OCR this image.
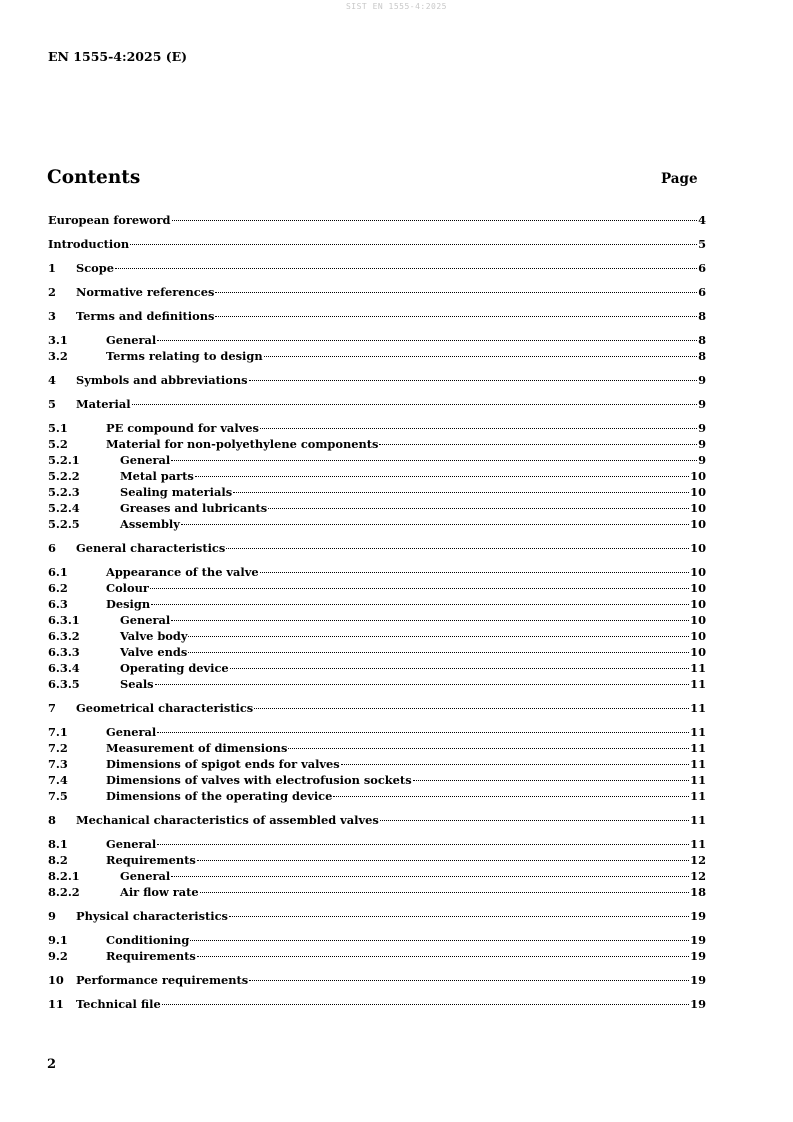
SIST EN 1555-4:2025
EN 1555-4:2025 (E)
Contents	Page
European foreword	4
Introduction	5
1	Scope	6
2	Normative references	6
3	Terms and definitions	8
3.1	General	8
3.2	Terms relating to design	8
4	Symbols and abbreviations	9
5	Material	9
5.1	PE compound for valves	9
5.2	Material for non-polyethylene components	9
5.2.1	General	9
5.2.2	Metal parts	10
5.2.3	Sealing materials	10
5.2.4	Greases and lubricants	10
5.2.5	Assembly	10
6	General characteristics	10
6.1	Appearance of the valve	10
6.2	Colour	10
6.3	Design	10
6.3.1	General	10
6.3.2	Valve body	10
6.3.3	Valve ends	10
6.3.4	Operating device	11
6.3.5	Seals	11
7	Geometrical characteristics	11
7.1	General	11
7.2	Measurement of dimensions	11
7.3	Dimensions of spigot ends for valves	11
7.4	Dimensions of valves with electrofusion sockets	11
7.5	Dimensions of the operating device	11
8	Mechanical characteristics of assembled valves	11
8.1	General	11
8.2	Requirements	12
8.2.1	General	12
8.2.2	Air flow rate	18
9	Physical characteristics	19
9.1	Conditioning	19
9.2	Requirements	19
10	Performance requirements	19
11	Technical file	19
2
